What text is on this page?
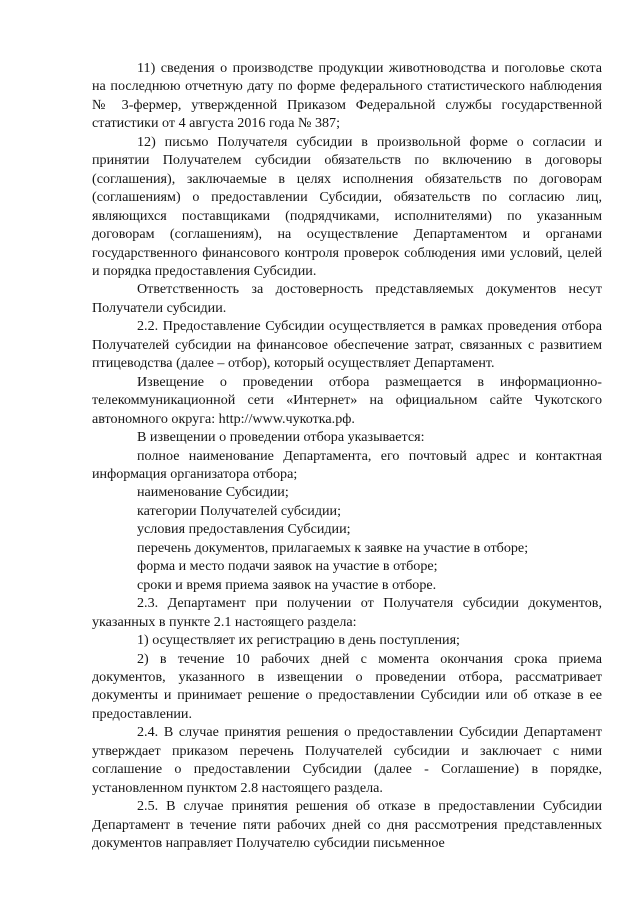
11) сведения о производстве продукции животноводства и поголовье скота на последнюю отчетную дату по форме федерального статистического наблюдения № 3-фермер, утвержденной Приказом Федеральной службы государственной статистики от 4 августа 2016 года № 387;

12) письмо Получателя субсидии в произвольной форме о согласии и принятии Получателем субсидии обязательств по включению в договоры (соглашения), заключаемые в целях исполнения обязательств по договорам (соглашениям) о предоставлении Субсидии, обязательств по согласию лиц, являющихся поставщиками (подрядчиками, исполнителями) по указанным договорам (соглашениям), на осуществление Департаментом и органами государственного финансового контроля проверок соблюдения ими условий, целей и порядка предоставления Субсидии.

Ответственность за достоверность представляемых документов несут Получатели субсидии.

2.2. Предоставление Субсидии осуществляется в рамках проведения отбора Получателей субсидии на финансовое обеспечение затрат, связанных с развитием птицеводства (далее – отбор), который осуществляет Департамент.

Извещение о проведении отбора размещается в информационно-телекоммуникационной сети «Интернет» на официальном сайте Чукотского автономного округа: http://www.чукотка.рф.

В извещении о проведении отбора указывается:

полное наименование Департамента, его почтовый адрес и контактная информация организатора отбора;

наименование Субсидии;

категории Получателей субсидии;

условия предоставления Субсидии;

перечень документов, прилагаемых к заявке на участие в отборе;

форма и место подачи заявок на участие в отборе;

сроки и время приема заявок на участие в отборе.

2.3. Департамент при получении от Получателя субсидии документов, указанных в пункте 2.1 настоящего раздела:

1) осуществляет их регистрацию в день поступления;

2) в течение 10 рабочих дней с момента окончания срока приема документов, указанного в извещении о проведении отбора, рассматривает документы и принимает решение о предоставлении Субсидии или об отказе в ее предоставлении.

2.4. В случае принятия решения о предоставлении Субсидии Департамент утверждает приказом перечень Получателей субсидии и заключает с ними соглашение о предоставлении Субсидии (далее - Соглашение) в порядке, установленном пунктом 2.8 настоящего раздела.

2.5. В случае принятия решения об отказе в предоставлении Субсидии Департамент в течение пяти рабочих дней со дня рассмотрения представленных документов направляет Получателю субсидии письменное
